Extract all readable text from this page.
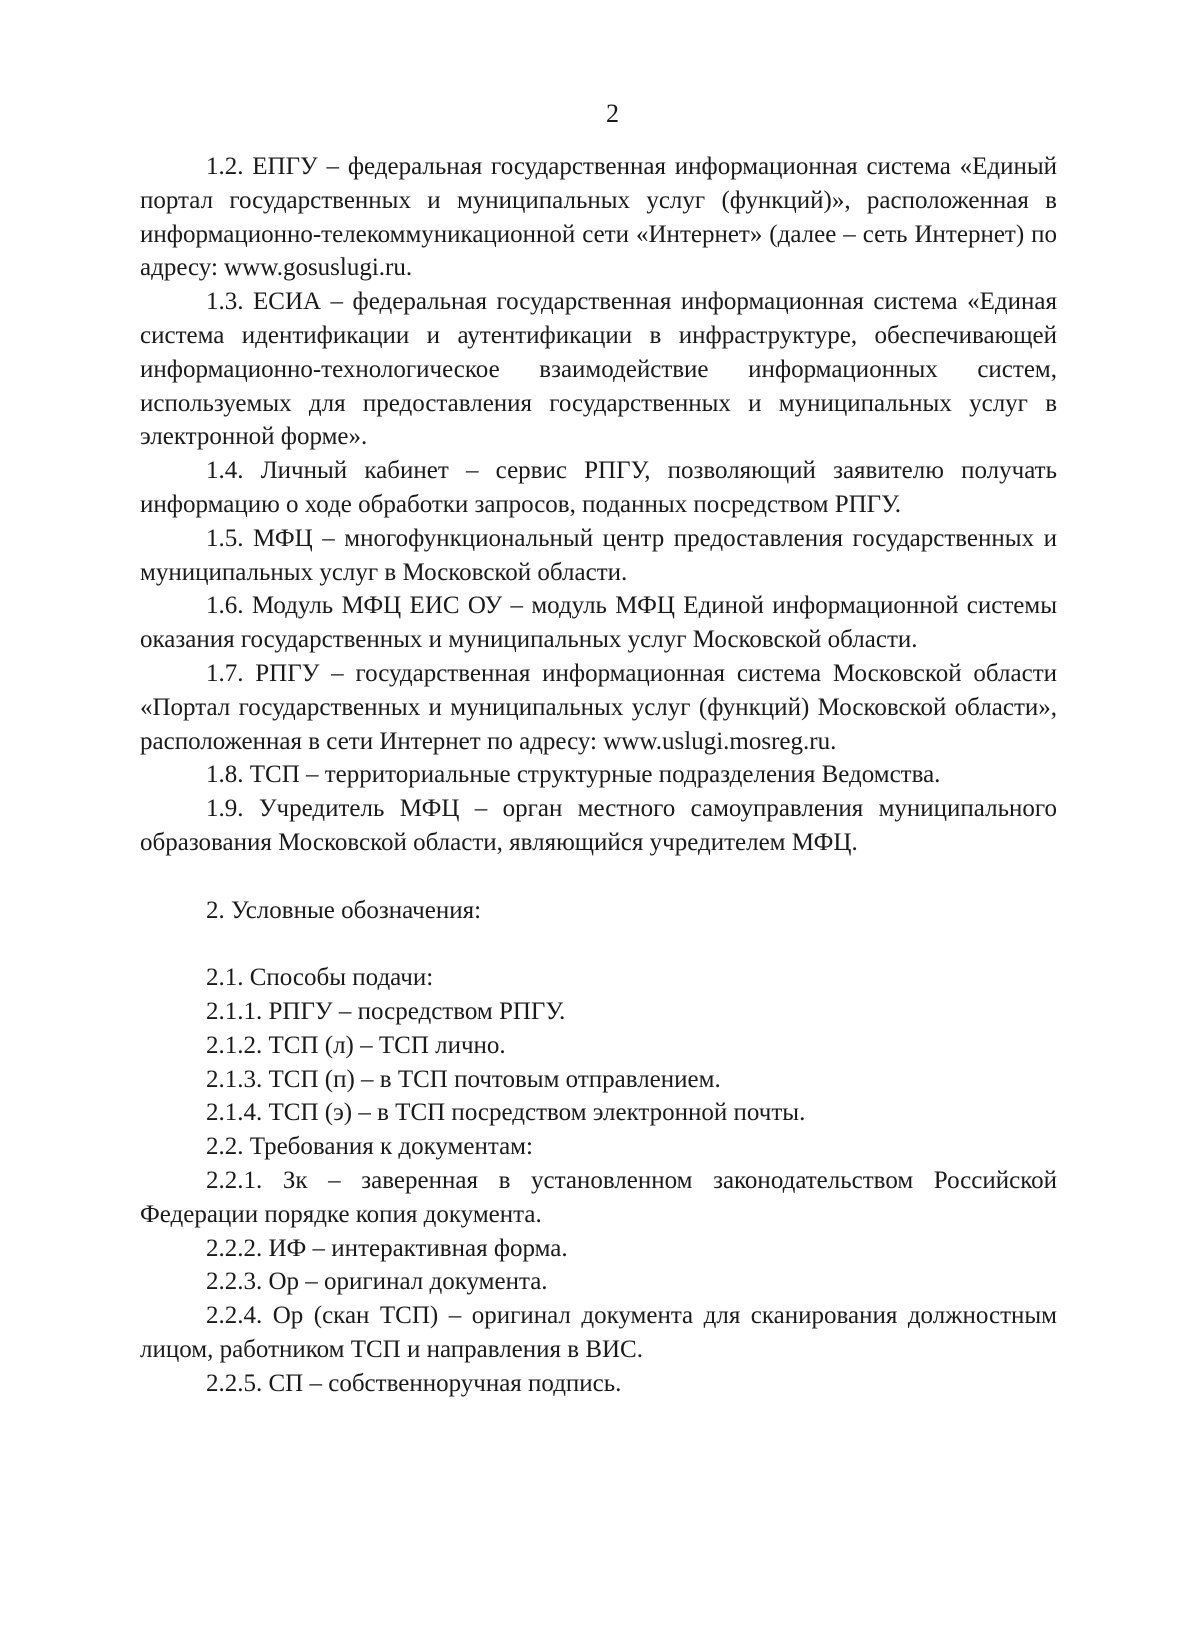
2

1.2. ЕПГУ – федеральная государственная информационная система «Единый портал государственных и муниципальных услуг (функций)», расположенная в информационно-телекоммуникационной сети «Интернет» (далее – сеть Интернет) по адресу: www.gosuslugi.ru.

1.3. ЕСИА – федеральная государственная информационная система «Единая система идентификации и аутентификации в инфраструктуре, обеспечивающей информационно-технологическое взаимодействие информационных систем, используемых для предоставления государственных и муниципальных услуг в электронной форме».

1.4. Личный кабинет – сервис РПГУ, позволяющий заявителю получать информацию о ходе обработки запросов, поданных посредством РПГУ.

1.5. МФЦ – многофункциональный центр предоставления государственных и муниципальных услуг в Московской области.

1.6. Модуль МФЦ ЕИС ОУ – модуль МФЦ Единой информационной системы оказания государственных и муниципальных услуг Московской области.

1.7. РПГУ – государственная информационная система Московской области «Портал государственных и муниципальных услуг (функций) Московской области», расположенная в сети Интернет по адресу: www.uslugi.mosreg.ru.

1.8. ТСП – территориальные структурные подразделения Ведомства.

1.9. Учредитель МФЦ – орган местного самоуправления муниципального образования Московской области, являющийся учредителем МФЦ.

2. Условные обозначения:

2.1. Способы подачи:

2.1.1. РПГУ – посредством РПГУ.

2.1.2. ТСП (л) – ТСП лично.

2.1.3. ТСП (п) – в ТСП почтовым отправлением.

2.1.4. ТСП (э) – в ТСП посредством электронной почты.

2.2. Требования к документам:

2.2.1. Зк – заверенная в установленном законодательством Российской Федерации порядке копия документа.

2.2.2. ИФ – интерактивная форма.

2.2.3. Ор – оригинал документа.

2.2.4. Ор (скан ТСП) – оригинал документа для сканирования должностным лицом, работником ТСП и направления в ВИС.

2.2.5. СП – собственноручная подпись.
